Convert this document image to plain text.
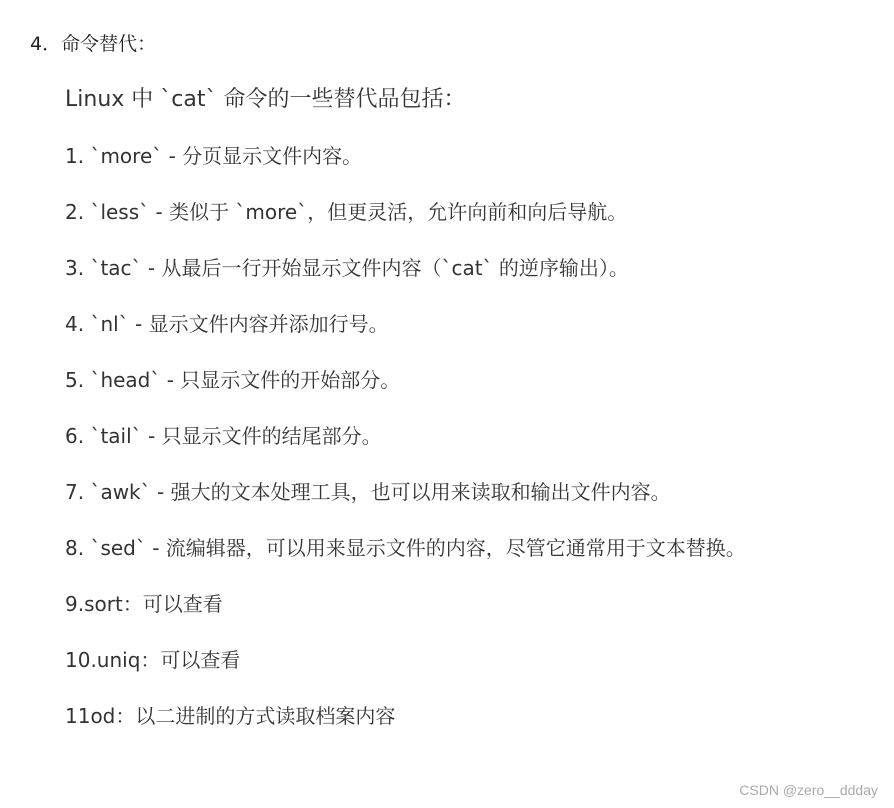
4．命令替代：
Linux 中 `cat` 命令的一些替代品包括：
1. `more` - 分页显示文件内容。
2. `less` - 类似于 `more`，但更灵活，允许向前和向后导航。
3. `tac` - 从最后一行开始显示文件内容（`cat` 的逆序输出）。
4. `nl` - 显示文件内容并添加行号。
5. `head` - 只显示文件的开始部分。
6. `tail` - 只显示文件的结尾部分。
7. `awk` - 强大的文本处理工具，也可以用来读取和输出文件内容。
8. `sed` - 流编辑器，可以用来显示文件的内容，尽管它通常用于文本替换。
9.sort：可以查看
10.uniq：可以查看
11od：以二进制的方式读取档案内容
CSDN @zero__ddday
